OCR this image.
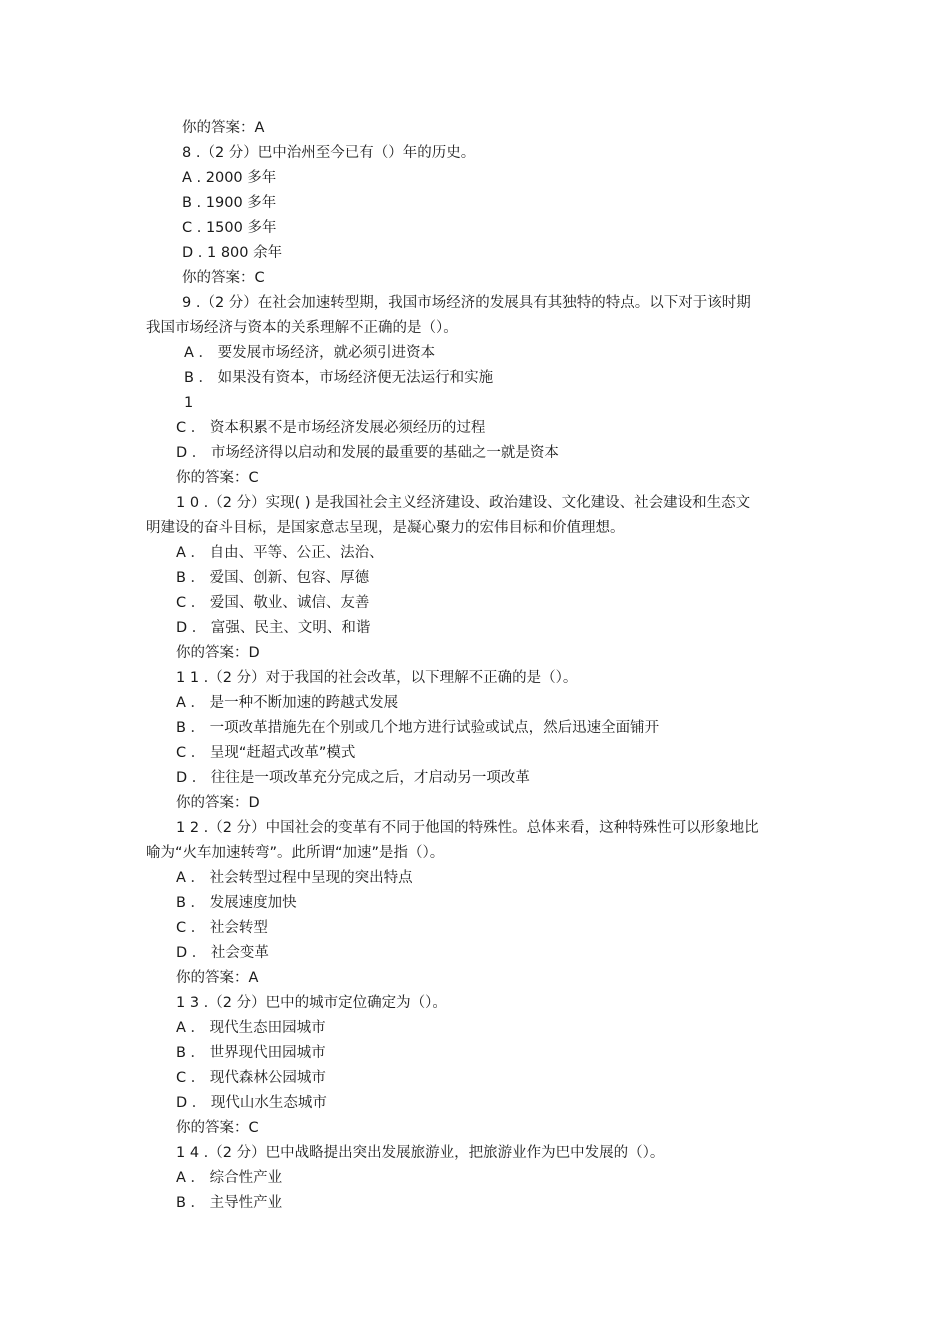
你的答案：A
8 .（2 分）巴中治州至今已有（）年的历史。
A . 2000 多年
B . 1900 多年
C . 1500 多年
D . 1 800 余年
你的答案：C
9 .（2 分）在社会加速转型期，我国市场经济的发展具有其独特的特点。以下对于该时期
我国市场经济与资本的关系理解不正确的是（）。
A ． 要发展市场经济，就必须引进资本
B ． 如果没有资本，市场经济便无法运行和实施
1
C ． 资本积累不是市场经济发展必须经历的过程
D ． 市场经济得以启动和发展的最重要的基础之一就是资本
你的答案：C
1 0 .（2 分）实现( ) 是我国社会主义经济建设、政治建设、文化建设、社会建设和生态文
明建设的奋斗目标，是国家意志呈现，是凝心聚力的宏伟目标和价值理想。
A ． 自由、平等、公正、法治、
B ． 爱国、创新、包容、厚德
C ． 爱国、敬业、诚信、友善
D ． 富强、民主、文明、和谐
你的答案：D
1 1 .（2 分）对于我国的社会改革，以下理解不正确的是（）。
A ． 是一种不断加速的跨越式发展
B ． 一项改革措施先在个别或几个地方进行试验或试点，然后迅速全面铺开
C ． 呈现“赶超式改革”模式
D ． 往往是一项改革充分完成之后，才启动另一项改革
你的答案：D
1 2 .（2 分）中国社会的变革有不同于他国的特殊性。总体来看，这种特殊性可以形象地比
喻为“火车加速转弯”。此所谓“加速”是指（）。
A ． 社会转型过程中呈现的突出特点
B ． 发展速度加快
C ． 社会转型
D ． 社会变革
你的答案：A
1 3 .（2 分）巴中的城市定位确定为（）。
A ． 现代生态田园城市
B ． 世界现代田园城市
C ． 现代森林公园城市
D ． 现代山水生态城市
你的答案：C
1 4 .（2 分）巴中战略提出突出发展旅游业，把旅游业作为巴中发展的（）。
A ． 综合性产业
B ． 主导性产业
